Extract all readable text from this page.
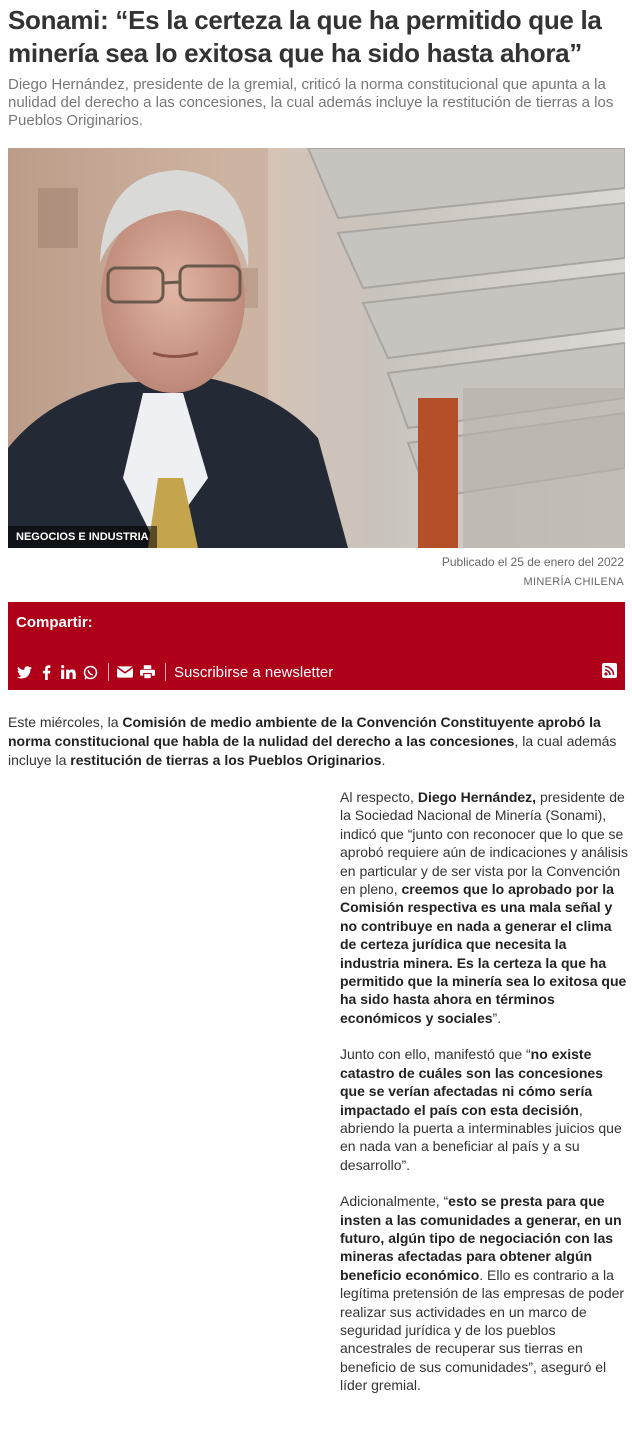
Sonami: “Es la certeza la que ha permitido que la minería sea lo exitosa que ha sido hasta ahora”

Diego Hernández, presidente de la gremial, criticó la norma constitucional que apunta a la nulidad del derecho a las concesiones, la cual además incluye la restitución de tierras a los Pueblos Originarios.

NEGOCIOS E INDUSTRIA
Publicado el 25 de enero del 2022
MINERÍA CHILENA
Compartir:
Suscribirse a newsletter

Este miércoles, la Comisión de medio ambiente de la Convención Constituyente aprobó la norma constitucional que habla de la nulidad del derecho a las concesiones, la cual además incluye la restitución de tierras a los Pueblos Originarios.

Al respecto, Diego Hernández, presidente de la Sociedad Nacional de Minería (Sonami), indicó que “junto con reconocer que lo que se aprobó requiere aún de indicaciones y análisis en particular y de ser vista por la Convención en pleno, creemos que lo aprobado por la Comisión respectiva es una mala señal y no contribuye en nada a generar el clima de certeza jurídica que necesita la industria minera. Es la certeza la que ha permitido que la minería sea lo exitosa que ha sido hasta ahora en términos económicos y sociales”.

Junto con ello, manifestó que “no existe catastro de cuáles son las concesiones que se verían afectadas ni cómo sería impactado el país con esta decisión, abriendo la puerta a interminables juicios que en nada van a beneficiar al país y a su desarrollo”.

Adicionalmente, “esto se presta para que insten a las comunidades a generar, en un futuro, algún tipo de negociación con las mineras afectadas para obtener algún beneficio económico. Ello es contrario a la legítima pretensión de las empresas de poder realizar sus actividades en un marco de seguridad jurídica y de los pueblos ancestrales de recuperar sus tierras en beneficio de sus comunidades”, aseguró el líder gremial.
